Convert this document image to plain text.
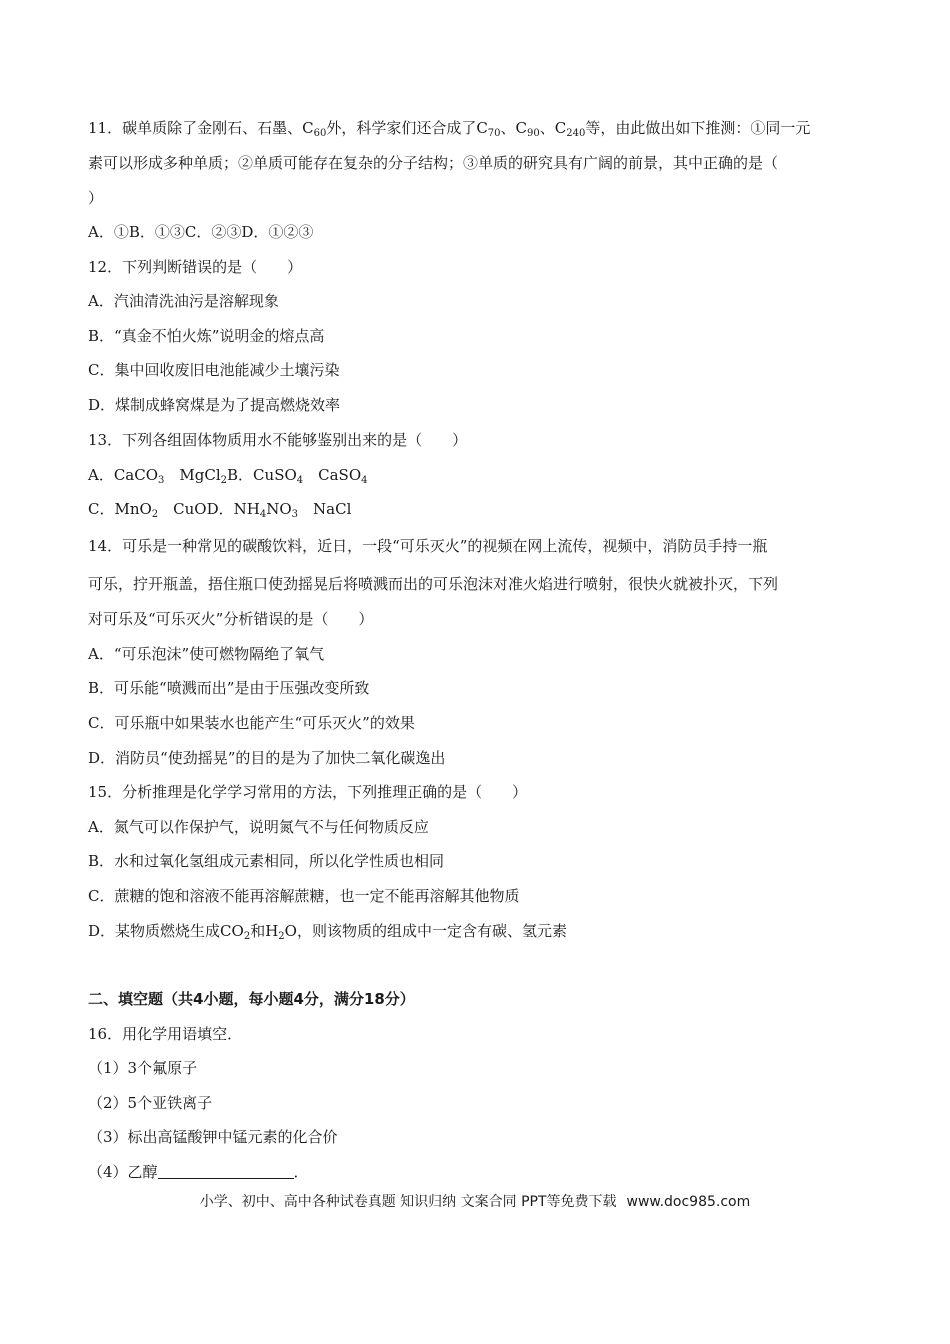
11．碳单质除了金刚石、石墨、$C_{60}$外，科学家们还合成了$C_{70}$、$C_{90}$、$C_{240}$等，由此做出如下推测：①同一元
素可以形成多种单质；②单质可能存在复杂的分子结构；③单质的研究具有广阔的前景，其中正确的是（
）
A．①B．①③C．②③D．①②③
12．下列判断错误的是（　　）
A．汽油清洗油污是溶解现象
B．“真金不怕火炼”说明金的熔点高
C．集中回收废旧电池能减少土壤污染
D．煤制成蜂窝煤是为了提高燃烧效率
13．下列各组固体物质用水不能够鉴别出来的是（　　）
A．CaCO$_3$　MgCl$_2$B．CuSO$_4$　CaSO$_4$
C．MnO$_2$　CuOD．$NH_4NO_3$　NaCl
14．可乐是一种常见的碳酸饮料，近日，一段“可乐灭火”的视频在网上流传，视频中，消防员手持一瓶
可乐，拧开瓶盖，捂住瓶口使劲摇晃后将喷溅而出的可乐泡沫对准火焰进行喷射，很快火就被扑灭，下列
对可乐及“可乐灭火”分析错误的是（　　）
A．“可乐泡沫”使可燃物隔绝了氧气
B．可乐能“喷溅而出”是由于压强改变所致
C．可乐瓶中如果装水也能产生“可乐灭火”的效果
D．消防员“使劲摇晃”的目的是为了加快二氧化碳逸出
15．分析推理是化学学习常用的方法，下列推理正确的是（　　）
A．氮气可以作保护气，说明氮气不与任何物质反应
B．水和过氧化氢组成元素相同，所以化学性质也相同
C．蔗糖的饱和溶液不能再溶解蔗糖，也一定不能再溶解其他物质
D．某物质燃烧生成$CO_2$和$H_2O$，则该物质的组成中一定含有碳、氢元素
二、填空题（共4小题，每小题4分，满分18分）
16．用化学用语填空．
（1）3个氟原子
（2）5个亚铁离子
（3）标出高锰酸钾中锰元素的化合价
（4）乙醇	．
小学、初中、高中各种试卷真题 知识归纳 文案合同 PPT等免费下载 www.doc985.com
